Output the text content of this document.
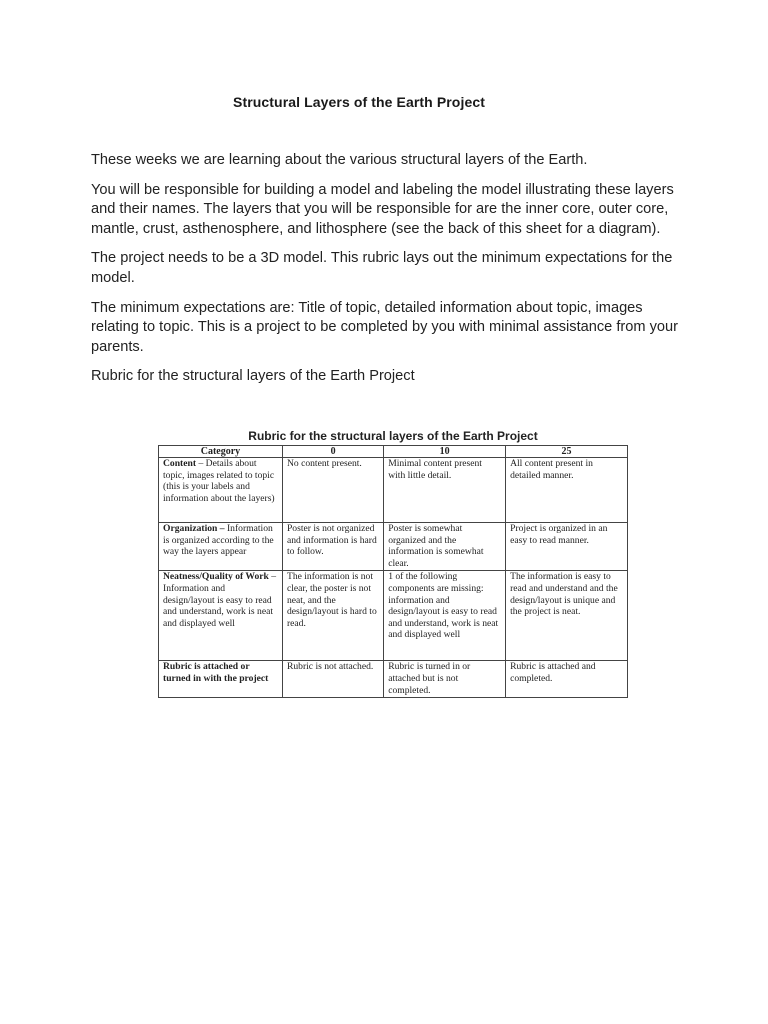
Structural Layers of the Earth Project

These weeks we are learning about the various structural layers of the Earth.

You will be responsible for building a model and labeling the model illustrating these layers and their names. The layers that you will be responsible for are the inner core, outer core, mantle, crust, asthenosphere, and lithosphere (see the back of this sheet for a diagram).

The project needs to be a 3D model. This rubric lays out the minimum expectations for the model.

The minimum expectations are: Title of topic, detailed information about topic, images relating to topic. This is a project to be completed by you with minimal assistance from your parents.

Rubric for the structural layers of the Earth Project

Rubric for the structural layers of the Earth Project
Category	0	10	25
Content – Details about topic, images related to topic (this is your labels and information about the layers)	No content present.	Minimal content present with little detail.	All content present in detailed manner.
Organization – Information is organized according to the way the layers appear	Poster is not organized and information is hard to follow.	Poster is somewhat organized and the information is somewhat clear.	Project is organized in an easy to read manner.
Neatness/Quality of Work –Information and design/layout is easy to read and understand, work is neat and displayed well	The information is not clear, the poster is not neat, and the design/layout is hard to read.	1 of the following components are missing: information and design/layout is easy to read and understand, work is neat and displayed well	The information is easy to read and understand and the design/layout is unique and the project is neat.
Rubric is attached or turned in with the project	Rubric is not attached.	Rubric is turned in or attached but is not completed.	Rubric is attached and completed.
